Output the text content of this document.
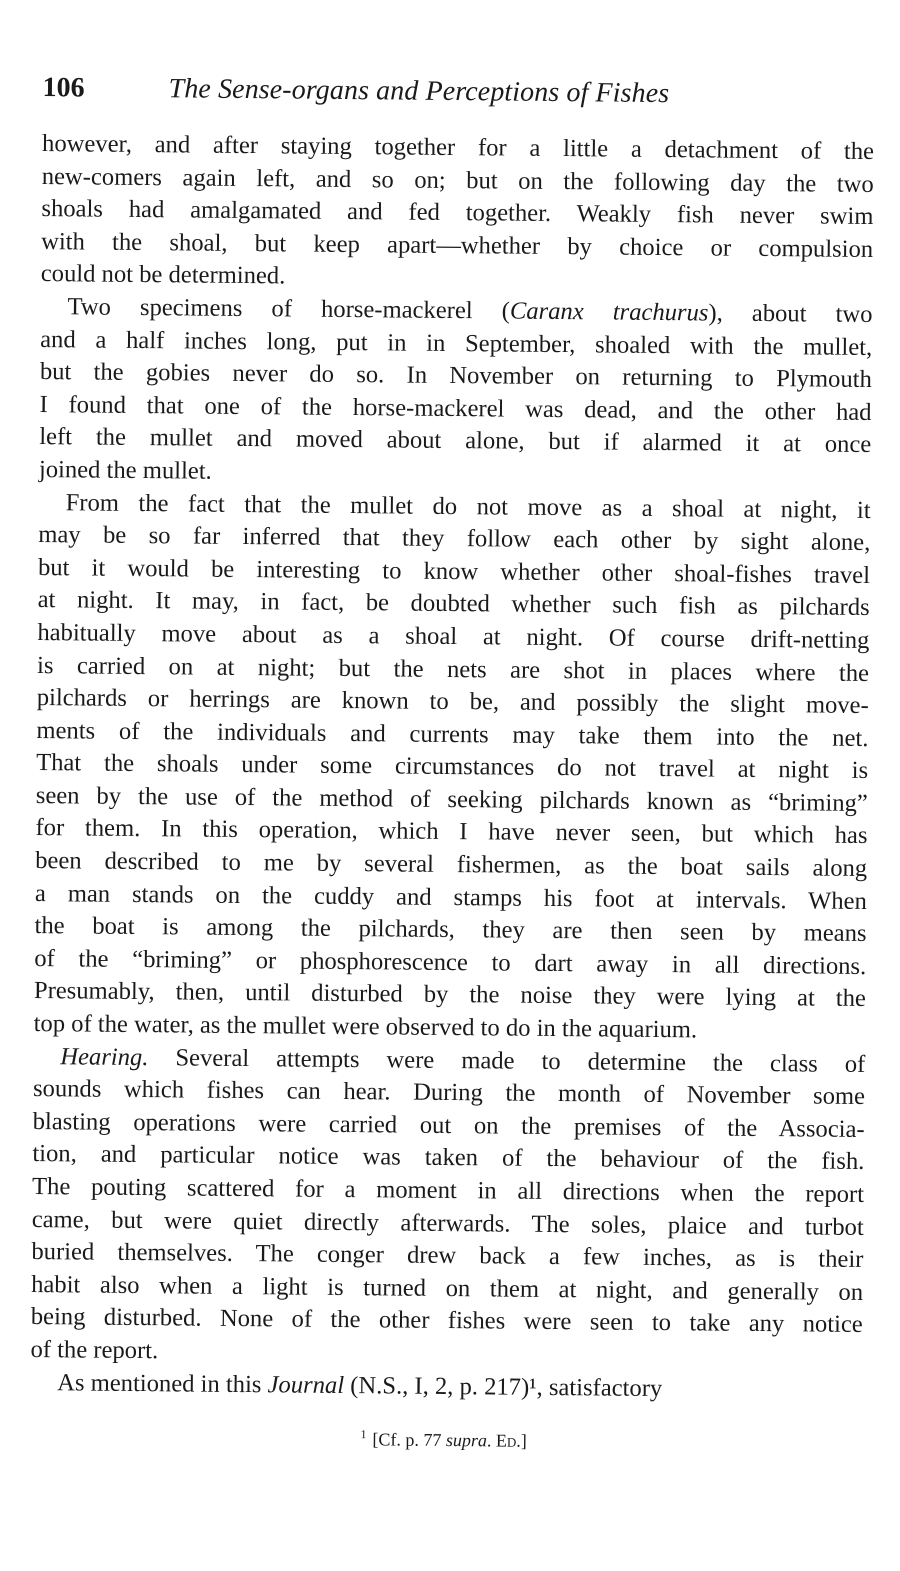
106	The Sense-organs and Perceptions of Fishes

however, and after staying together for a little a detachment of the
new-comers again left, and so on; but on the following day the two
shoals had amalgamated and fed together. Weakly fish never swim
with the shoal, but keep apart—whether by choice or compulsion
could not be determined.

Two specimens of horse-mackerel (Caranx trachurus), about two
and a half inches long, put in in September, shoaled with the mullet,
but the gobies never do so. In November on returning to Plymouth
I found that one of the horse-mackerel was dead, and the other had
left the mullet and moved about alone, but if alarmed it at once
joined the mullet.

From the fact that the mullet do not move as a shoal at night, it
may be so far inferred that they follow each other by sight alone,
but it would be interesting to know whether other shoal-fishes travel
at night. It may, in fact, be doubted whether such fish as pilchards
habitually move about as a shoal at night. Of course drift-netting
is carried on at night; but the nets are shot in places where the
pilchards or herrings are known to be, and possibly the slight move-
ments of the individuals and currents may take them into the net.
That the shoals under some circumstances do not travel at night is
seen by the use of the method of seeking pilchards known as “briming”
for them. In this operation, which I have never seen, but which has
been described to me by several fishermen, as the boat sails along
a man stands on the cuddy and stamps his foot at intervals. When
the boat is among the pilchards, they are then seen by means
of the “briming” or phosphorescence to dart away in all directions.
Presumably, then, until disturbed by the noise they were lying at the
top of the water, as the mullet were observed to do in the aquarium.

Hearing. Several attempts were made to determine the class of
sounds which fishes can hear. During the month of November some
blasting operations were carried out on the premises of the Associa-
tion, and particular notice was taken of the behaviour of the fish.
The pouting scattered for a moment in all directions when the report
came, but were quiet directly afterwards. The soles, plaice and turbot
buried themselves. The conger drew back a few inches, as is their
habit also when a light is turned on them at night, and generally on
being disturbed. None of the other fishes were seen to take any notice
of the report.

As mentioned in this Journal (N.S., I, 2, p. 217)¹, satisfactory

$^1$ [Cf. p. 77 supra. Ed.]
